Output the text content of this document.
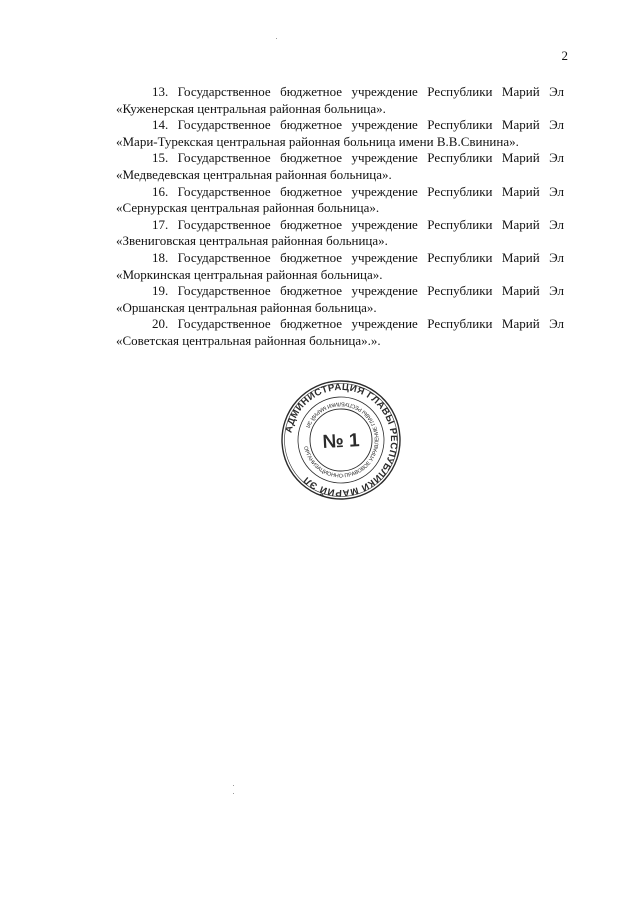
2

13. Государственное бюджетное учреждение Республики Марий Эл «Куженерская центральная районная больница».

14. Государственное бюджетное учреждение Республики Марий Эл «Мари-Турекская центральная районная больница имени В.В.Свинина».

15. Государственное бюджетное учреждение Республики Марий Эл «Медведевская центральная районная больница».

16. Государственное бюджетное учреждение Республики Марий Эл «Сернурская центральная районная больница».

17. Государственное бюджетное учреждение Республики Марий Эл «Звениговская центральная районная больница».

18. Государственное бюджетное учреждение Республики Марий Эл «Моркинская центральная районная больница».

19. Государственное бюджетное учреждение Республики Марий Эл «Оршанская центральная районная больница».

20. Государственное бюджетное учреждение Республики Марий Эл «Советская центральная районная больница».».

АДМИНИСТРАЦИЯ ГЛАВЫ РЕСПУБЛИКИ МАРИЙ ЭЛ
ОРГАНИЗАЦИОННО-ПРАВОВОЕ УПРАВЛЕНИЕ ГЛАВЫ РЕСПУБЛИКИ МАРИЙ ЭЛ
№ 1
